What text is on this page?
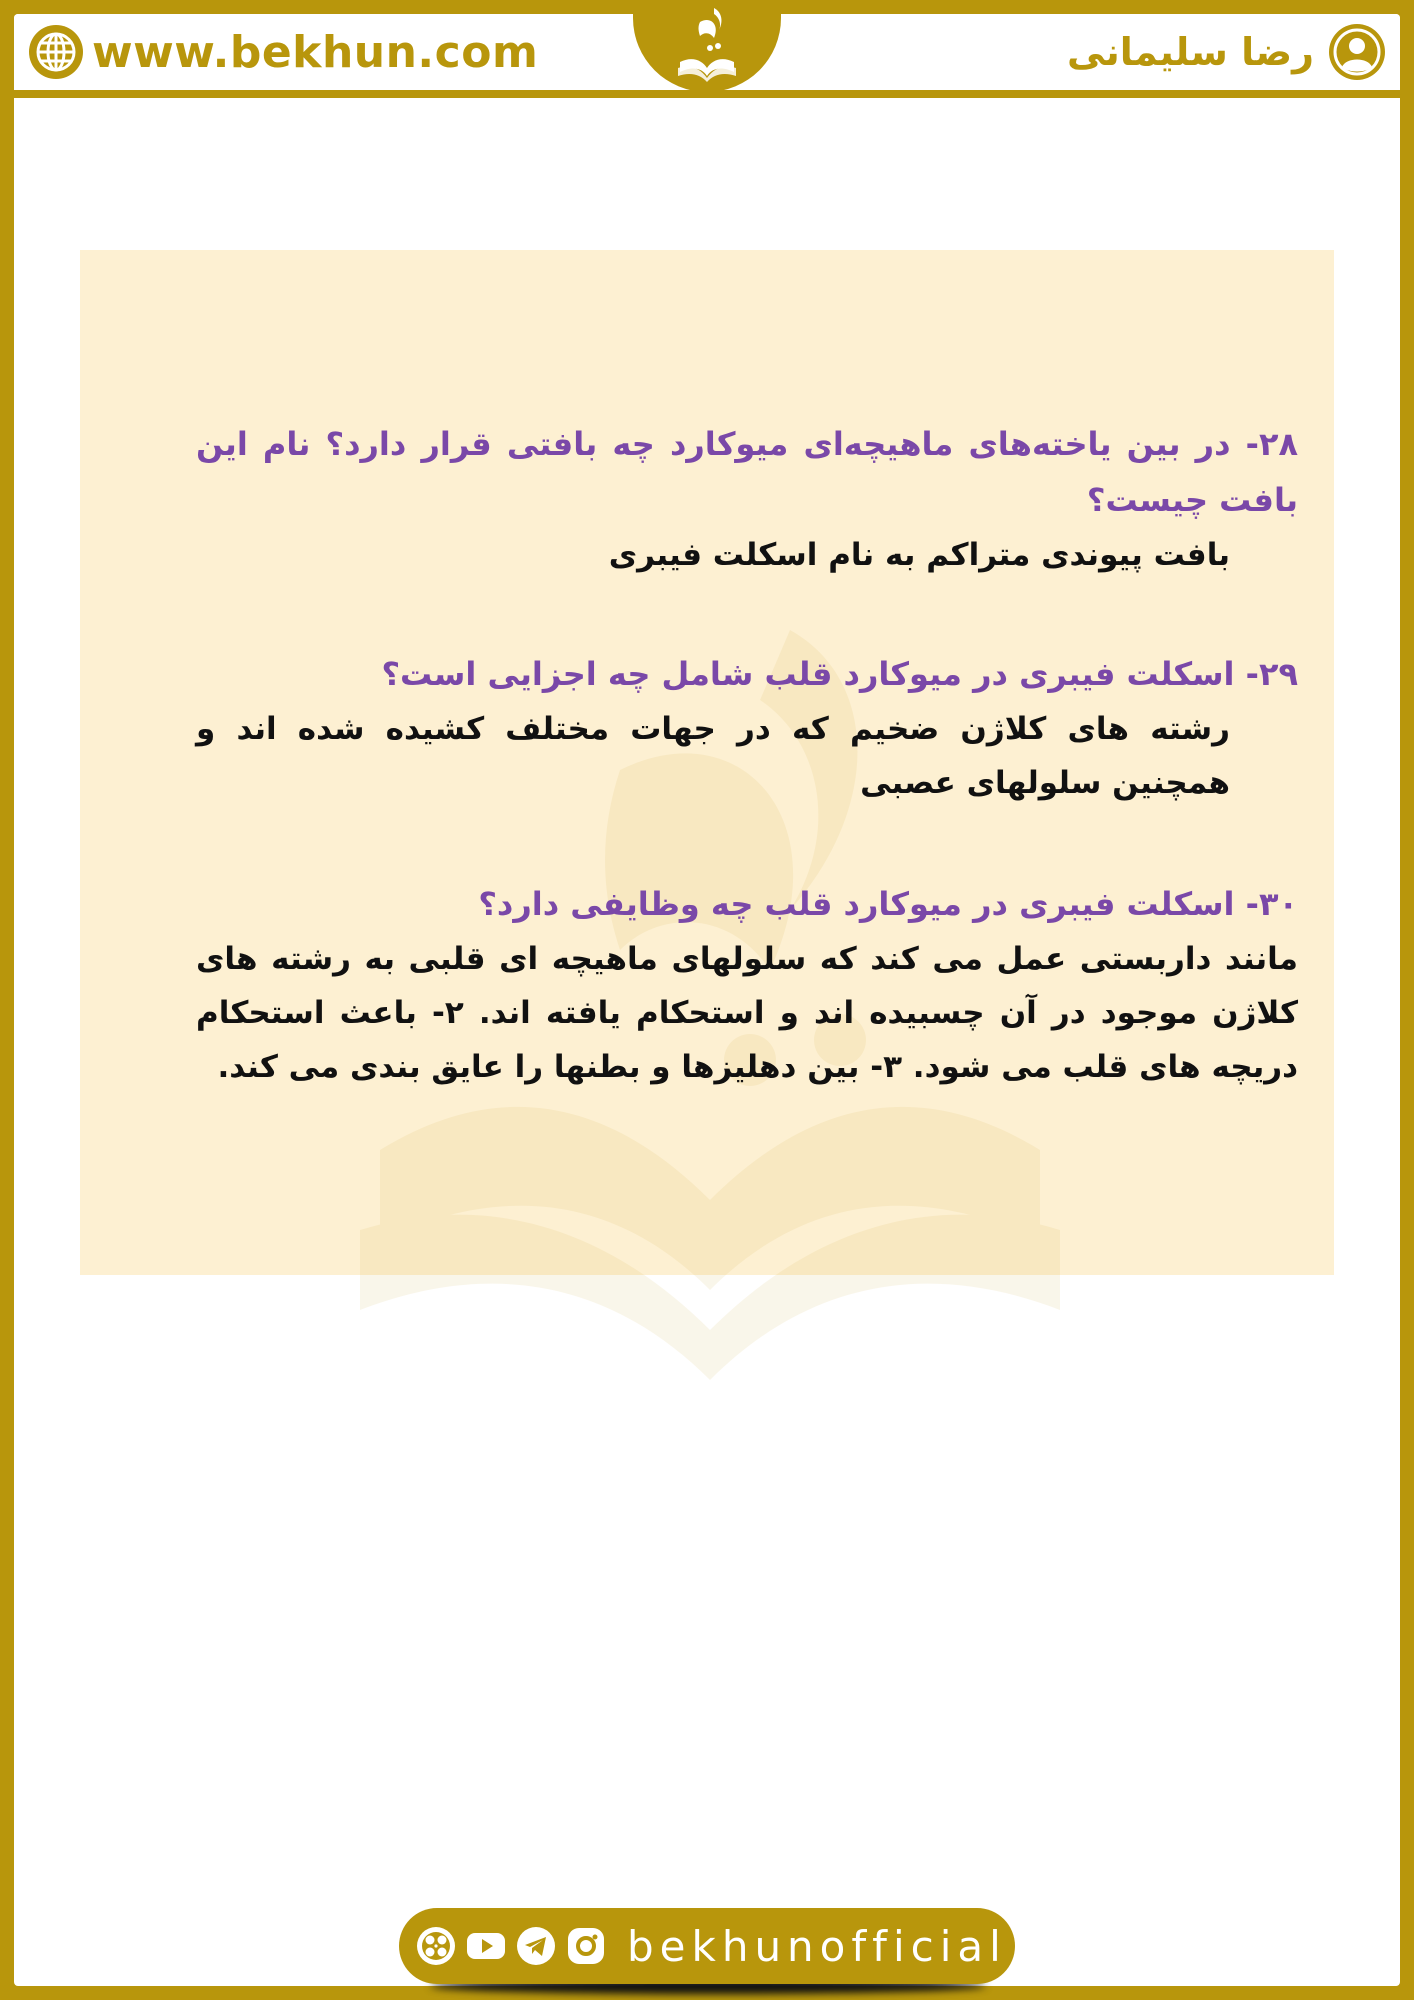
www.bekhun.com	رضا سلیمانی
۲۸- در بین یاخته‌های ماهیچه‌ای میوکارد چه بافتی قرار دارد؟ نام این بافت چیست؟
بافت پیوندی متراکم به نام اسکلت فیبری
۲۹- اسکلت فیبری در میوکارد قلب شامل چه اجزایی است؟
رشته های کلاژن ضخیم که در جهات مختلف کشیده شده اند و همچنین سلولهای عصبی
۳۰- اسکلت فیبری در میوکارد قلب چه وظایفی دارد؟
مانند داربستی عمل می کند که سلولهای ماهیچه ای قلبی به رشته های کلاژن موجود در آن چسبیده اند و استحکام یافته اند. ۲- باعث استحکام دریچه های قلب می شود. ۳- بین دهلیزها و بطنها را عایق بندی می کند.
bekhunofficial
